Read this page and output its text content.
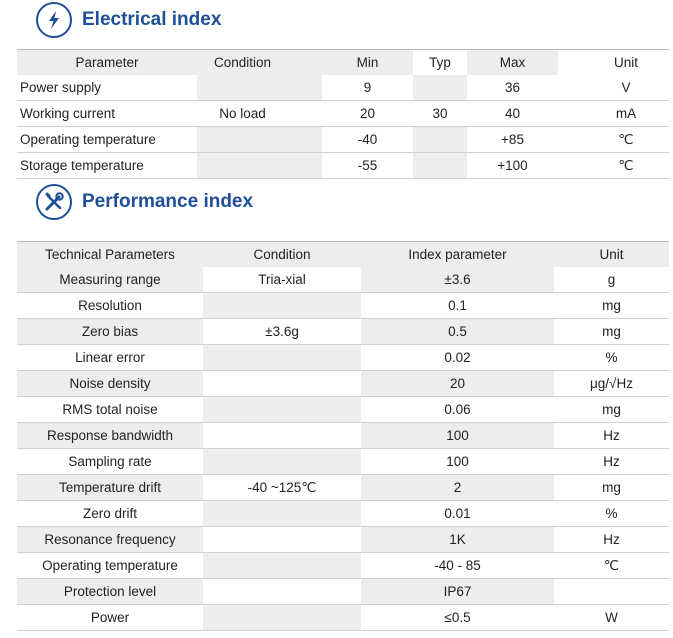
Electrical index
Parameter	Condition		Min	Typ	Max		Unit
Power supply			9		36		V
Working current	No load		20	30	40		mA
Operating temperature			-40		+85		℃
Storage temperature			-55		+100		℃
Performance index
Technical Parameters	Condition	Index parameter	Unit
Measuring range	Tria-xial	±3.6	g
Resolution		0.1	mg
Zero bias	±3.6g	0.5	mg
Linear error		0.02	%
Noise density		20	μg/√Hz
RMS total noise		0.06	mg
Response bandwidth		100	Hz
Sampling rate		100	Hz
Temperature drift	-40 ~125℃	2	mg
Zero drift		0.01	%
Resonance frequency		1K	Hz
Operating temperature		-40 - 85	℃
Protection level		IP67	
Power		≤0.5	W
